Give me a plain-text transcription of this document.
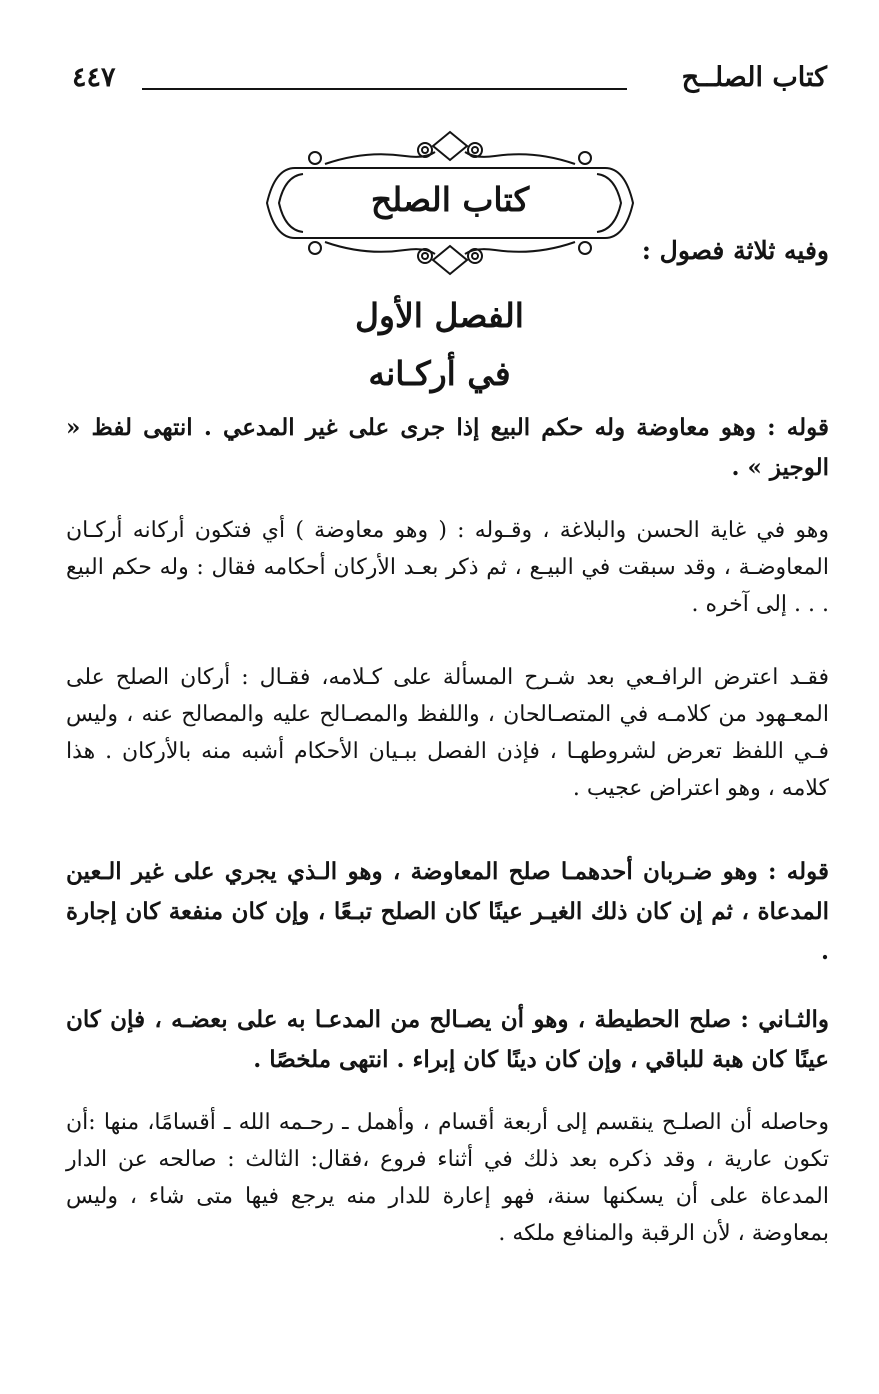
كتاب الصلــح
٤٤٧
كتاب الصلح
وفيه ثلاثة فصول :
الفصل الأول
في أركـانه
قوله : وهو معاوضة وله حكم البيع إذا جرى على غير المدعي . انتهى لفظ « الوجيز » .
وهو في غاية الحسن والبلاغة ، وقـوله : ( وهو معاوضة ) أي فتكون أركانه أركـان المعاوضـة ، وقد سبقت في البيـع ، ثم ذكر بعـد الأركان أحكامه فقال : وله حكم البيع . . . إلى آخره .
فقـد اعترض الرافـعي بعد شـرح المسألة على كـلامه، فقـال : أركان الصلح على المعـهود من كلامـه في المتصـالحان ، واللفظ والمصـالح عليه والمصالح عنه ، وليس فـي اللفظ تعرض لشروطهـا ، فإذن الفصل ببـيان الأحكام أشبه منه بالأركان . هذا كلامه ، وهو اعتراض عجيب .
قوله : وهو ضـربان أحدهمـا صلح المعاوضة ، وهو الـذي يجري على غير الـعين المدعاة ، ثم إن كان ذلك الغيـر عينًا كان الصلح تبـعًا ، وإن كان منفعة كان إجارة .
والثـاني : صلح الحطيطة ، وهو أن يصـالح من المدعـا به على بعضـه ، فإن كان عينًا كان هبة للباقي ، وإن كان دينًا كان إبراء . انتهى ملخصًا .
وحاصله أن الصلـح ينقسم إلى أربعة أقسام ، وأهمل ـ رحـمه الله ـ أقسامًا، منها :أن تكون عارية ، وقد ذكره بعد ذلك في أثناء فروع ،فقال: الثالث : صالحه عن الدار المدعاة على أن يسكنها سنة، فهو إعارة للدار منه يرجع فيها متى شاء ، وليس بمعاوضة ، لأن الرقبة والمنافع ملكه .
